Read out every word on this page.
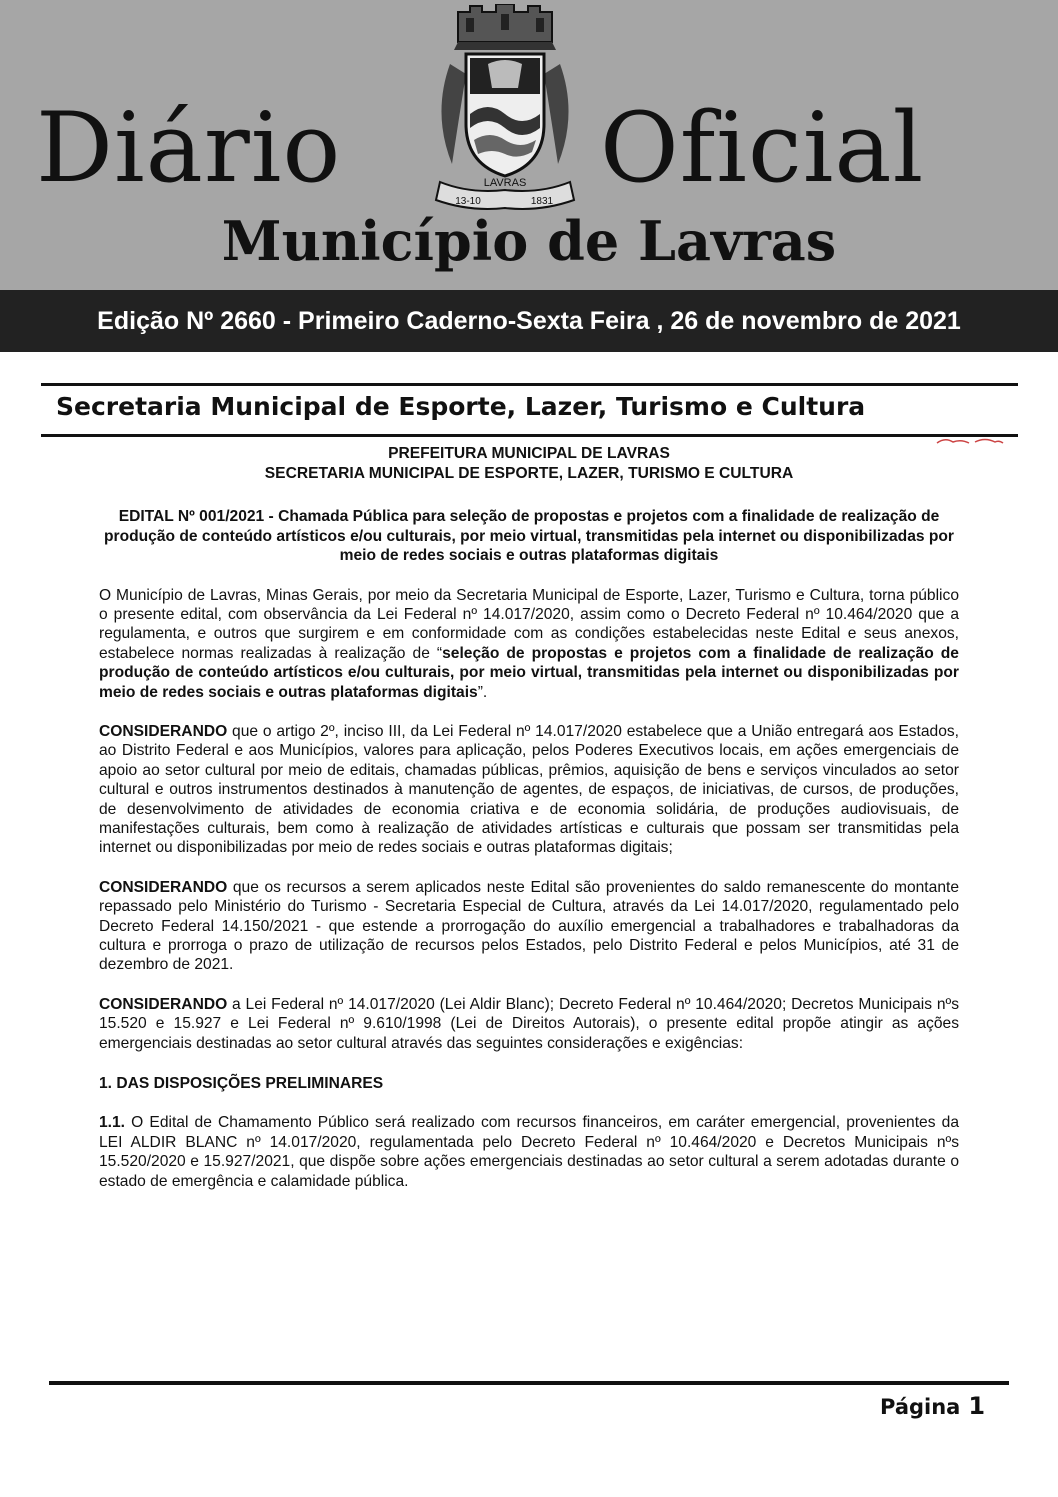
LAVRAS
13-10	1831
Diário	Oficial
Município de Lavras
Edição Nº 2660 - Primeiro Caderno-Sexta Feira , 26 de novembro de 2021
Secretaria Municipal de Esporte, Lazer, Turismo e Cultura

PREFEITURA MUNICIPAL DE LAVRAS

SECRETARIA MUNICIPAL DE ESPORTE, LAZER, TURISMO E CULTURA

EDITAL Nº 001/2021 - Chamada Pública para seleção de propostas e projetos com a finalidade de realização de produção de conteúdo artísticos e/ou culturais, por meio virtual, transmitidas pela internet ou disponibilizadas por meio de redes sociais e outras plataformas digitais

O Município de Lavras, Minas Gerais, por meio da Secretaria Municipal de Esporte, Lazer, Turismo e Cultura, torna público o presente edital, com observância da Lei Federal nº 14.017/2020, assim como o Decreto Federal nº 10.464/2020 que a regulamenta, e outros que surgirem e em conformidade com as condições estabelecidas neste Edital e seus anexos, estabelece normas realizadas à realização de “seleção de propostas e projetos com a finalidade de realização de produção de conteúdo artísticos e/ou culturais, por meio virtual, transmitidas pela internet ou disponibilizadas por meio de redes sociais e outras plataformas digitais”.

CONSIDERANDO que o artigo 2º, inciso III, da Lei Federal nº 14.017/2020 estabelece que a União entregará aos Estados, ao Distrito Federal e aos Municípios, valores para aplicação, pelos Poderes Executivos locais, em ações emergenciais de apoio ao setor cultural por meio de editais, chamadas públicas, prêmios, aquisição de bens e serviços vinculados ao setor cultural e outros instrumentos destinados à manutenção de agentes, de espaços, de iniciativas, de cursos, de produções, de desenvolvimento de atividades de economia criativa e de economia solidária, de produções audiovisuais, de manifestações culturais, bem como à realização de atividades artísticas e culturais que possam ser transmitidas pela internet ou disponibilizadas por meio de redes sociais e outras plataformas digitais;

CONSIDERANDO que os recursos a serem aplicados neste Edital são provenientes do saldo remanescente do montante repassado pelo Ministério do Turismo - Secretaria Especial de Cultura, através da Lei 14.017/2020, regulamentado pelo Decreto Federal 14.150/2021 - que estende a prorrogação do auxílio emergencial a trabalhadores e trabalhadoras da cultura e prorroga o prazo de utilização de recursos pelos Estados, pelo Distrito Federal e pelos Municípios, até 31 de dezembro de 2021.

CONSIDERANDO a Lei Federal nº 14.017/2020 (Lei Aldir Blanc); Decreto Federal nº 10.464/2020; Decretos Municipais nºs 15.520 e 15.927 e Lei Federal nº 9.610/1998 (Lei de Direitos Autorais), o presente edital propõe atingir as ações emergenciais destinadas ao setor cultural através das seguintes considerações e exigências:

1. DAS DISPOSIÇÕES PRELIMINARES

1.1. O Edital de Chamamento Público será realizado com recursos financeiros, em caráter emergencial, provenientes da LEI ALDIR BLANC nº 14.017/2020, regulamentada pelo Decreto Federal nº 10.464/2020 e Decretos Municipais nºs 15.520/2020 e 15.927/2021, que dispõe sobre ações emergenciais destinadas ao setor cultural a serem adotadas durante o estado de emergência e calamidade pública.

Página 1
